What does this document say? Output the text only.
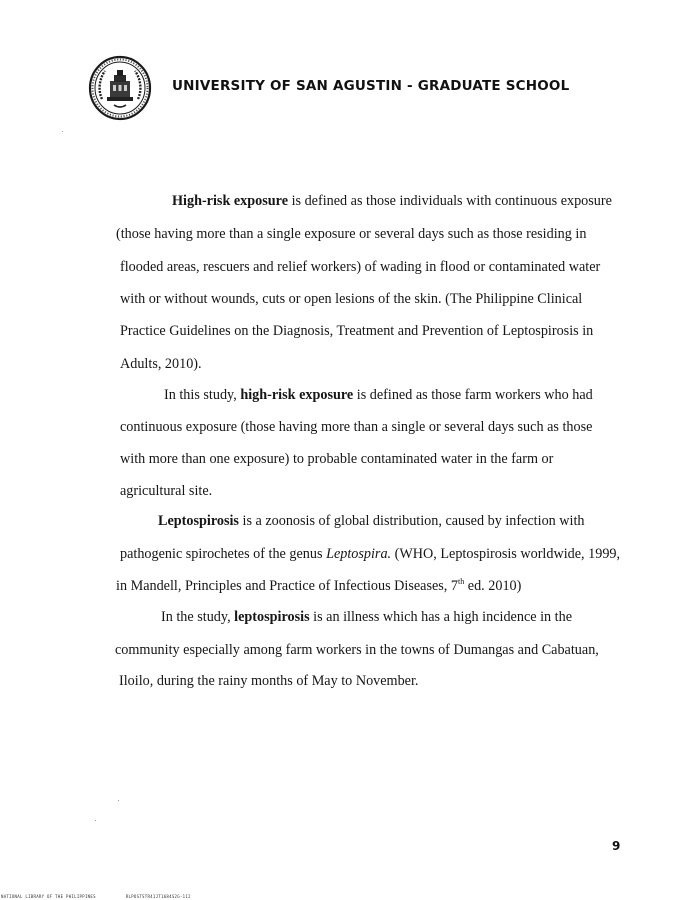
UNIVERSITY OF SAN AGUSTIN - GRADUATE SCHOOL

High-risk exposure is defined as those individuals with continuous exposure

(those having more than a single exposure or several days such as those residing in

flooded areas, rescuers and relief workers) of wading in flood or contaminated water

with or without wounds, cuts or open lesions of the skin. (The Philippine Clinical

Practice Guidelines on the Diagnosis, Treatment and Prevention of Leptospirosis in

Adults, 2010).

In this study, high-risk exposure is defined as those farm workers who had

continuous exposure (those having more than a single or several days such as those

with more than one exposure) to probable contaminated water in the farm or

agricultural site.

Leptospirosis is a zoonosis of global distribution, caused by infection with

pathogenic spirochetes of the genus Leptospira. (WHO, Leptospirosis worldwide, 1999,

in Mandell, Principles and Practice of Infectious Diseases, 7th ed. 2010)

In the study, leptospirosis is an illness which has a high incidence in the

community especially among farm workers in the towns of Dumangas and Cabatuan,

Iloilo, during the rainy months of May to November.

9

NATIONAL LIBRARY OF THE PHILIPPINES	RLPOSTSTR41JT1684S2G-112
